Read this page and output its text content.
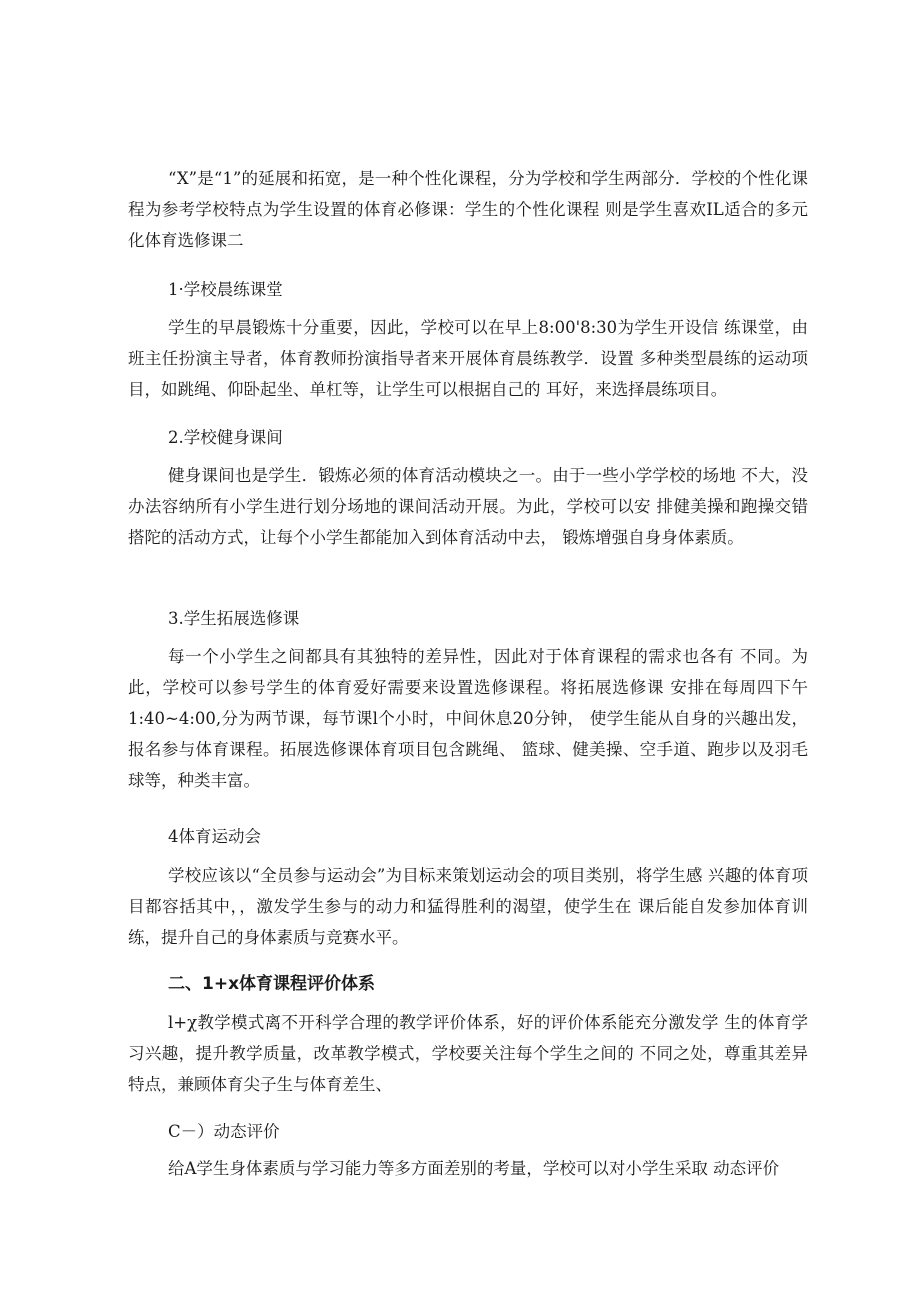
“X”是“1”的延展和拓宽，是一种个性化课程，分为学校和学生两部分．学校的个性化课程为参考学校特点为学生设置的体育必修课：学生的个性化课程 则是学生喜欢IL适合的多元化体育选修课二

1·学校晨练课堂

学生的早晨锻炼十分重要，因此，学校可以在早上8:00'8:30为学生开设信 练课堂，由班主任扮演主导者，体育教师扮演指导者来开展体育晨练教学．设置 多种类型晨练的运动项目，如跳绳、仰卧起坐、单杠等，让学生可以根据自己的 耳好，来选择晨练项目。

2.学校健身课间

健身课间也是学生．锻炼必须的体育活动模块之一。由于一些小学学校的场地 不大，没办法容纳所有小学生进行划分场地的课间活动开展。为此，学校可以安 排健美操和跑操交错搭陀的活动方式，让每个小学生都能加入到体育活动中去， 锻炼增强自身身体素质。

3.学生拓展选修课

每一个小学生之间都具有其独特的差异性，因此对于体育课程的需求也各有 不同。为此，学校可以参号学生的体育爱好需要来设置选修课程。将拓展选修课 安排在每周四下午1:40~4:00,分为两节课，每节课l个小时，中间休息20分钟， 使学生能从自身的兴趣出发，报名参与体育课程。拓展选修课体育项目包含跳绳、 篮球、健美操、空手道、跑步以及羽毛球等，种类丰富。

4体育运动会

学校应该以“全员参与运动会”为目标来策划运动会的项目类别，将学生感 兴趣的体育项目都容括其中，，激发学生参与的动力和猛得胜利的渴望，使学生在 课后能自发参加体育训练，提升自己的身体素质与竞赛水平。

二、1+x体育课程评价体系

l+χ教学模式离不开科学合理的教学评价体系，好的评价体系能充分激发学 生的体育学习兴趣，提升教学质量，改革教学模式，学校要关注每个学生之间的 不同之处，尊重其差异特点，兼顾体育尖子生与体育差生、

C－）动态评价

给A学生身体素质与学习能力等多方面差别的考量，学校可以对小学生采取 动态评价
